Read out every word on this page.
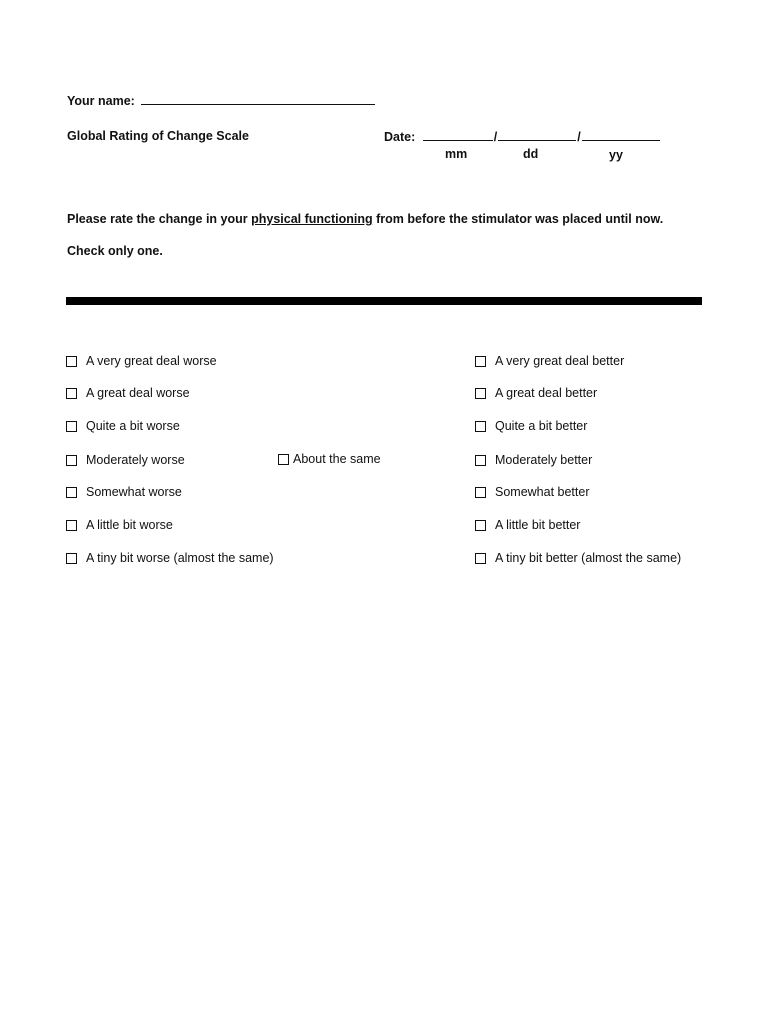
Your name:
Global Rating of Change Scale	Date:	/	/
mm	dd	yy
Please rate the change in your physical functioning from before the stimulator was placed until now.
Check only one.
A very great deal worse
A great deal worse
Quite a bit worse
Moderately worse
Somewhat worse
A little bit worse
A tiny bit worse (almost the same)
About the same
A very great deal better
A great deal better
Quite a bit better
Moderately better
Somewhat better
A little bit better
A tiny bit better (almost the same)
